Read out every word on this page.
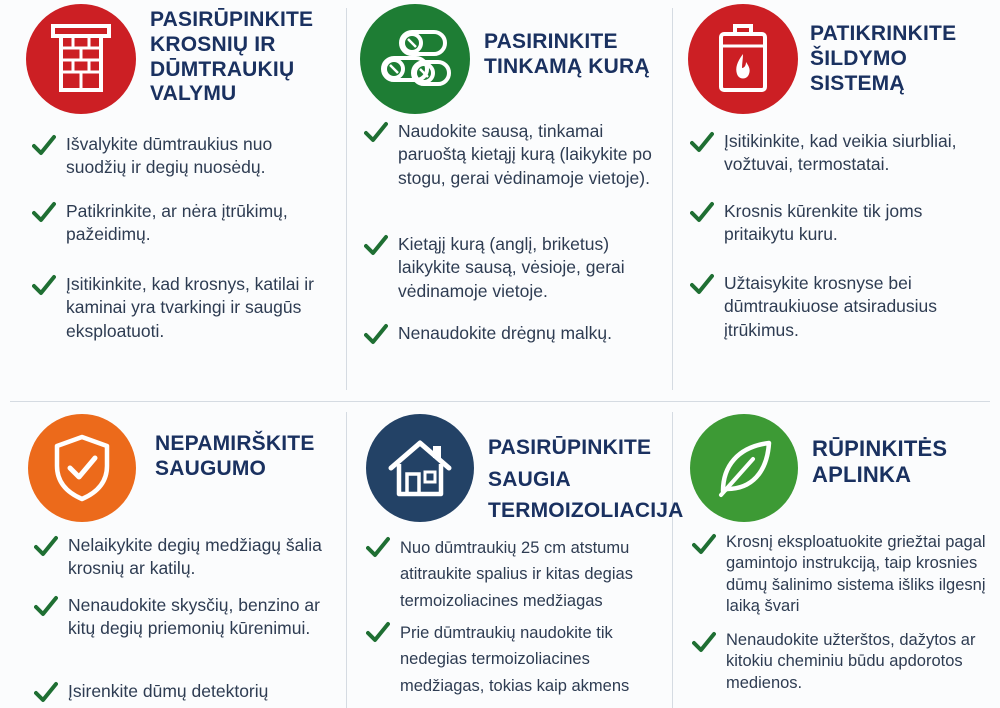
PASIRŪPINKITE KROSNIŲ IR DŪMTRAUKIŲ VALYMU
Išvalykite dūmtraukius nuo suodžių ir degių nuosėdų.
Patikrinkite, ar nėra įtrūkimų, pažeidimų.
Įsitikinkite, kad krosnys, katilai ir kaminai yra tvarkingi ir saugūs eksploatuoti.
PASIRINKITE TINKAMĄ KURĄ
Naudokite sausą, tinkamai paruoštą kietąjį kurą (laikykite po stogu, gerai vėdinamoje vietoje).
Kietąjį kurą (anglį, briketus) laikykite sausą, vėsioje, gerai vėdinamoje vietoje.
Nenaudokite drėgnų malkų.
PATIKRINKITE ŠILDYMO SISTEMĄ
Įsitikinkite, kad veikia siurbliai, vožtuvai, termostatai.
Krosnis kūrenkite tik joms pritaikytu kuru.
Užtaisykite krosnyse bei dūmtraukiuose atsiradusius įtrūkimus.
NEPAMIRŠKITE SAUGUMO
Nelaikykite degių medžiagų šalia krosnių ar katilų.
Nenaudokite skysčių, benzino ar kitų degių priemonių kūrenimui.
Įsirenkite dūmų detektorių
PASIRŪPINKITE SAUGIA TERMOIZOLIACIJA
Nuo dūmtraukių 25 cm atstumu atitraukite spalius ir kitas degias termoizoliacines medžiagas
Prie dūmtraukių naudokite tik nedegias termoizoliacines medžiagas, tokias kaip akmens
RŪPINKITĖS APLINKA
Krosnį eksploatuokite griežtai pagal gamintojo instrukciją, taip krosnies dūmų šalinimo sistema išliks ilgesnį laiką švari
Nenaudokite užterštos, dažytos ar kitokiu cheminiu būdu apdorotos medienos.
